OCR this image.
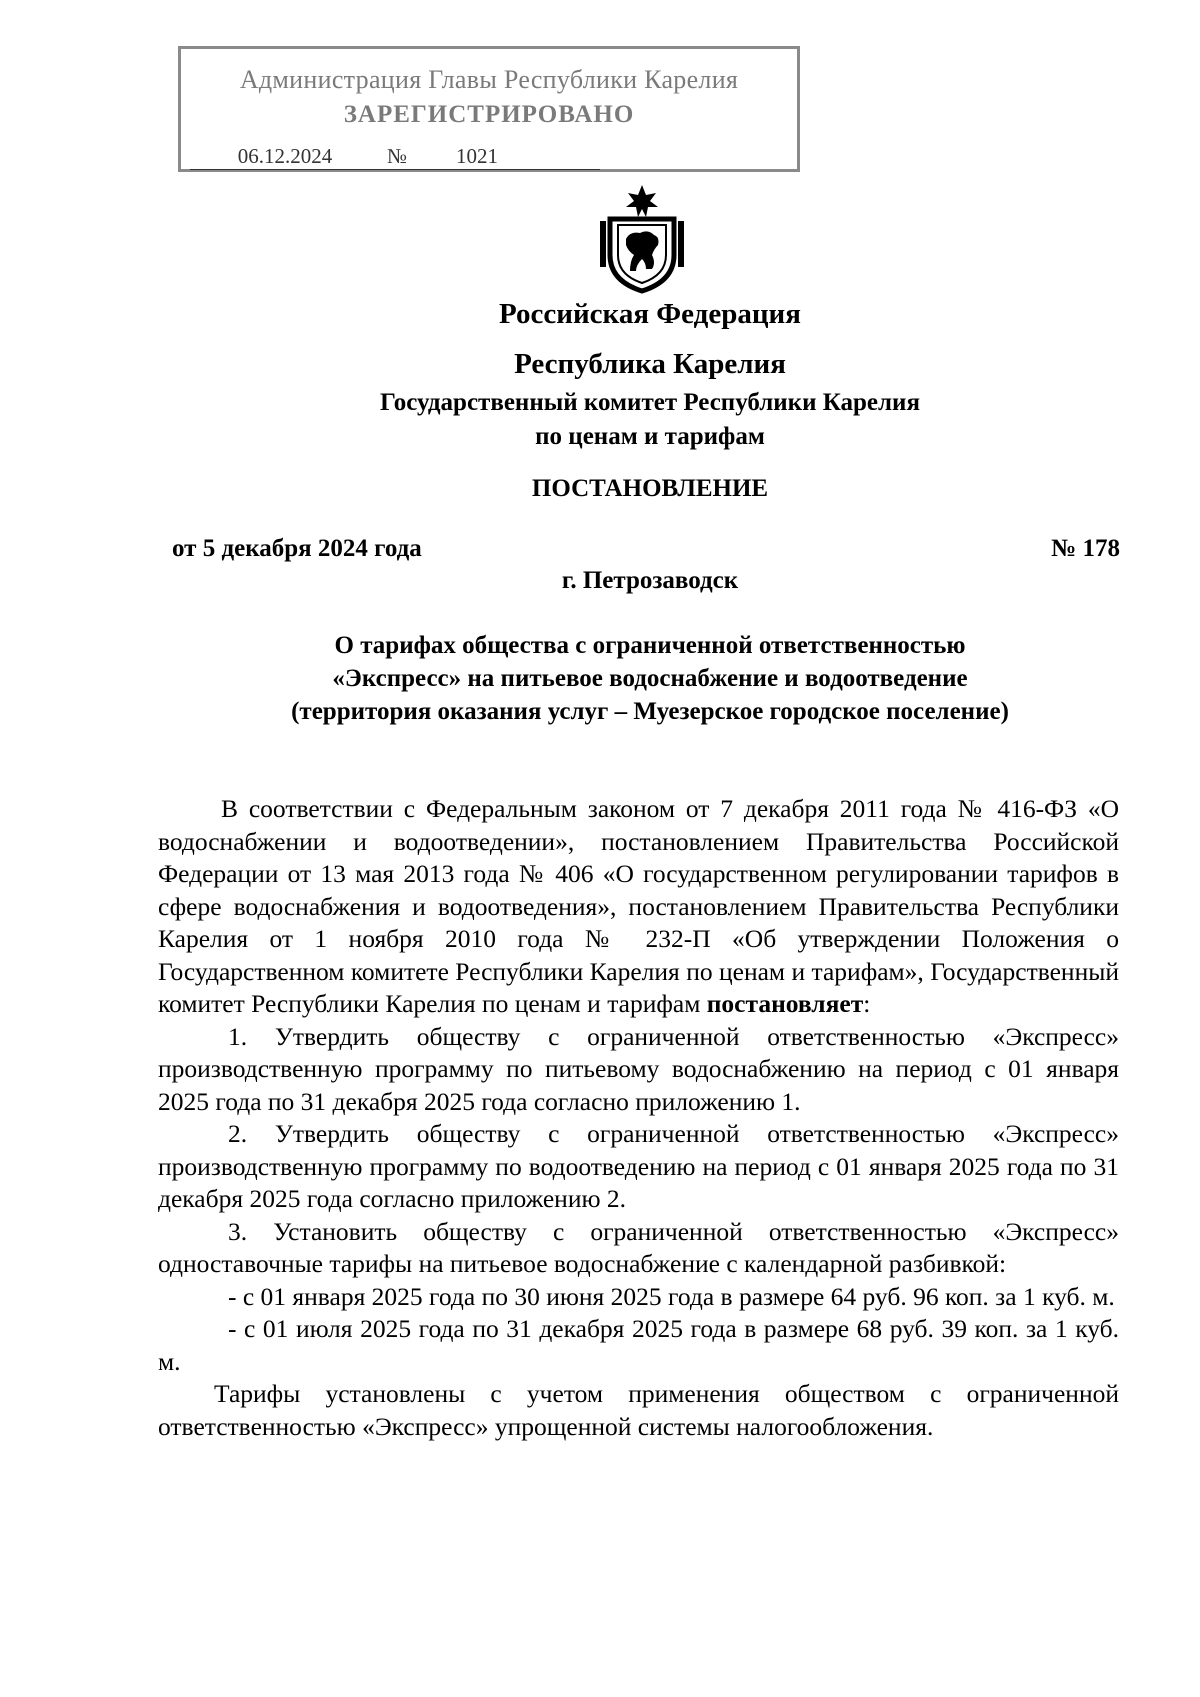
Администрация Главы Республики Карелия
ЗАРЕГИСТРИРОВАНО
06.12.2024	№	1021
Российская Федерация
Республика Карелия
Государственный комитет Республики Карелия
по ценам и тарифам
ПОСТАНОВЛЕНИЕ
от 5 декабря 2024 года	№ 178
г. Петрозаводск
О тарифах общества с ограниченной ответственностью
«Экспресс» на питьевое водоснабжение и водоотведение
(территория оказания услуг – Муезерское городское поселение)

В соответствии с Федеральным законом от 7 декабря 2011 года № 416-ФЗ «О водоснабжении и водоотведении», постановлением Правительства Российской Федерации от 13 мая 2013 года № 406 «О государственном регулировании тарифов в сфере водоснабжения и водоотведения», постановлением Правительства Республики Карелия от 1 ноября 2010 года № 232-П «Об утверждении Положения о Государственном комитете Республики Карелия по ценам и тарифам», Государственный комитет Республики Карелия по ценам и тарифам постановляет:

1. Утвердить обществу с ограниченной ответственностью «Экспресс» производственную программу по питьевому водоснабжению на период с 01 января 2025 года по 31 декабря 2025 года согласно приложению 1.

2. Утвердить обществу с ограниченной ответственностью «Экспресс» производственную программу по водоотведению на период с 01 января 2025 года по 31 декабря 2025 года согласно приложению 2.

3. Установить обществу с ограниченной ответственностью «Экспресс» одноставочные тарифы на питьевое водоснабжение с календарной разбивкой:

- с 01 января 2025 года по 30 июня 2025 года в размере 64 руб. 96 коп. за 1 куб. м.

- с 01 июля 2025 года по 31 декабря 2025 года в размере 68 руб. 39 коп. за 1 куб. м.

Тарифы установлены с учетом применения обществом с ограниченной ответственностью «Экспресс» упрощенной системы налогообложения.
